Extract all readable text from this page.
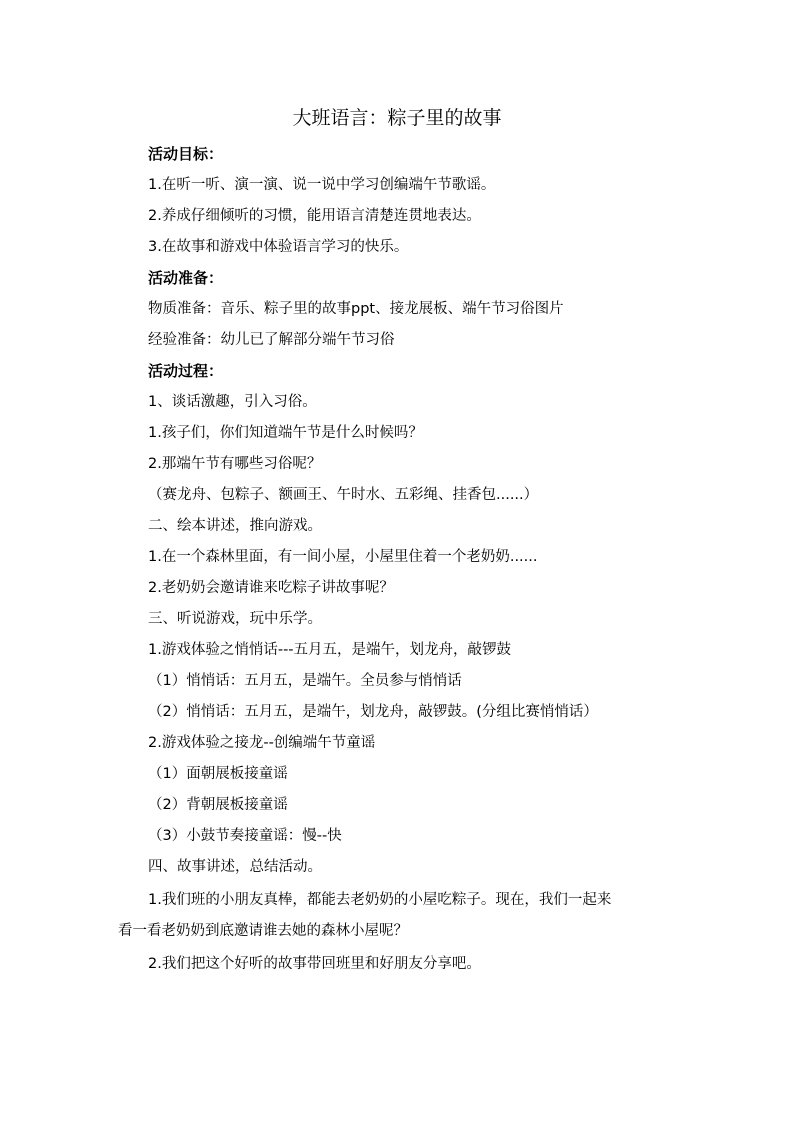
大班语言：粽子里的故事
活动目标：
1.在听一听、演一演、说一说中学习创编端午节歌谣。
2.养成仔细倾听的习惯，能用语言清楚连贯地表达。
3.在故事和游戏中体验语言学习的快乐。
活动准备：
物质准备：音乐、粽子里的故事ppt、接龙展板、端午节习俗图片
经验准备：幼儿已了解部分端午节习俗
活动过程：
1、谈话激趣，引入习俗。
1.孩子们，你们知道端午节是什么时候吗？
2.那端午节有哪些习俗呢？
（赛龙舟、包粽子、额画王、午时水、五彩绳、挂香包......）
二、绘本讲述，推向游戏。
1.在一个森林里面，有一间小屋，小屋里住着一个老奶奶......
2.老奶奶会邀请谁来吃粽子讲故事呢？
三、听说游戏，玩中乐学。
1.游戏体验之悄悄话---五月五，是端午，划龙舟，敲锣鼓
（1）悄悄话：五月五，是端午。全员参与悄悄话
（2）悄悄话：五月五，是端午，划龙舟，敲锣鼓。(分组比赛悄悄话）
2.游戏体验之接龙--创编端午节童谣
（1）面朝展板接童谣
（2）背朝展板接童谣
（3）小鼓节奏接童谣：慢--快
四、故事讲述，总结活动。
1.我们班的小朋友真棒，都能去老奶奶的小屋吃粽子。现在，我们一起来
看一看老奶奶到底邀请谁去她的森林小屋呢？
2.我们把这个好听的故事带回班里和好朋友分享吧。
